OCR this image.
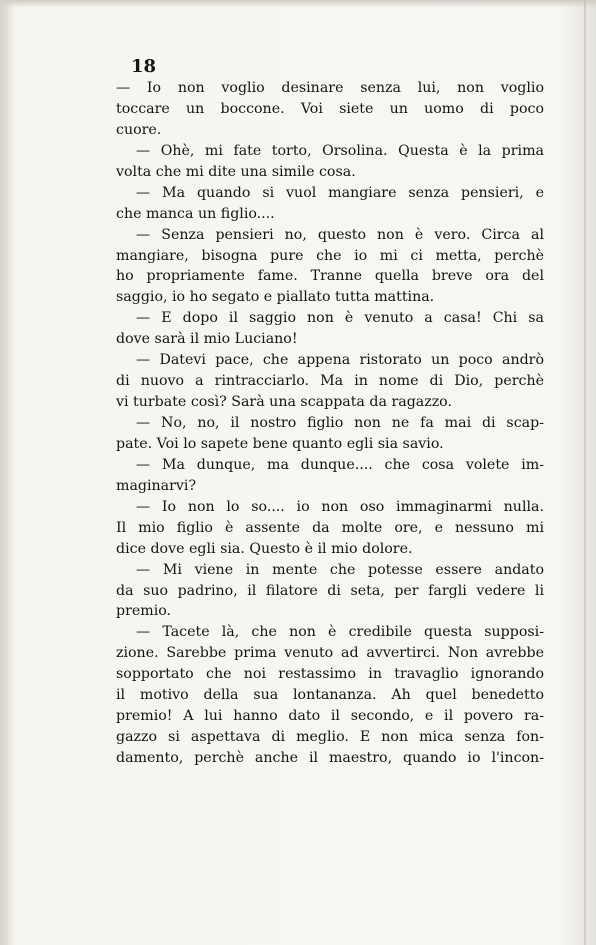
18

— Io non voglio desinare senza lui, non voglio
toccare un boccone. Voi siete un uomo di poco
cuore.
— Ohè, mi fate torto, Orsolina. Questa è la prima
volta che mi dite una simile cosa.
— Ma quando si vuol mangiare senza pensieri, e
che manca un figlio....
— Senza pensieri no, questo non è vero. Circa al
mangiare, bisogna pure che io mi ci metta, perchè
ho propriamente fame. Tranne quella breve ora del
saggio, io ho segato e piallato tutta mattina.
— E dopo il saggio non è venuto a casa! Chi sa
dove sarà il mio Luciano!
— Datevi pace, che appena ristorato un poco andrò
di nuovo a rintracciarlo. Ma in nome di Dio, perchè
vi turbate così? Sarà una scappata da ragazzo.
— No, no, il nostro figlio non ne fa mai di scap-
pate. Voi lo sapete bene quanto egli sia savio.
— Ma dunque, ma dunque.... che cosa volete im-
maginarvi?
— Io non lo so.... io non oso immaginarmi nulla.
Il mio figlio è assente da molte ore, e nessuno mi
dice dove egli sia. Questo è il mio dolore.
— Mi viene in mente che potesse essere andato
da suo padrino, il filatore di seta, per fargli vedere li
premio.
— Tacete là, che non è credibile questa supposi-
zione. Sarebbe prima venuto ad avvertirci. Non avrebbe
sopportato che noi restassimo in travaglio ignorando
il motivo della sua lontananza. Ah quel benedetto
premio! A lui hanno dato il secondo, e il povero ra-
gazzo si aspettava di meglio. E non mica senza fon-
damento, perchè anche il maestro, quando io l'incon-
